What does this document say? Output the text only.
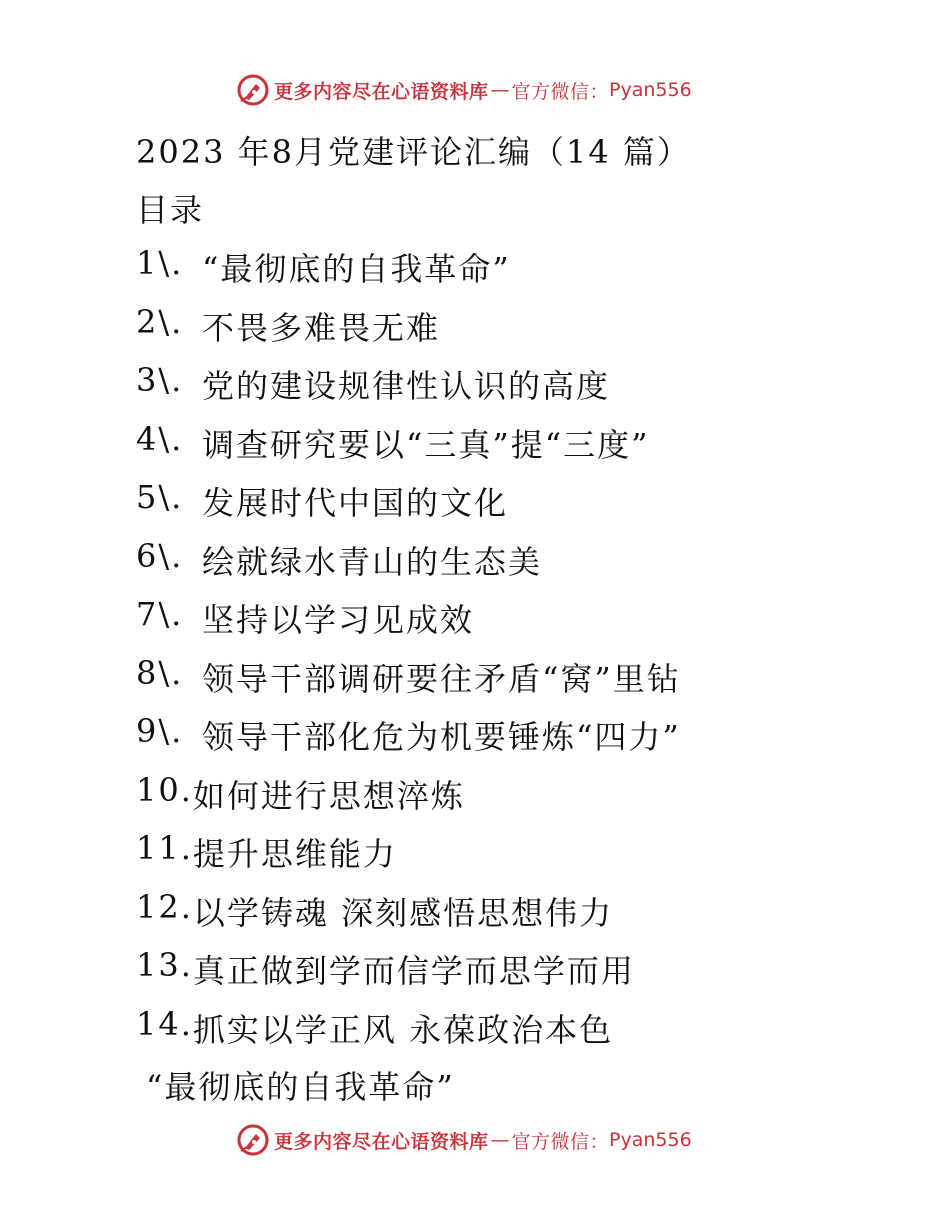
更多内容尽在心语资料库 — 官方微信： Pyan556
2023 年8月党建评论汇编（14 篇）
目录
1\. “最彻底的自我革命”
2\. 不畏多难畏无难
3\. 党的建设规律性认识的高度
4\. 调查研究要以“三真”提“三度”
5\. 发展时代中国的文化
6\. 绘就绿水青山的生态美
7\. 坚持以学习见成效
8\. 领导干部调研要往矛盾“窝”里钻
9\. 领导干部化危为机要锤炼“四力”
10. 如何进行思想淬炼
11. 提升思维能力
12. 以学铸魂 深刻感悟思想伟力
13. 真正做到学而信学而思学而用
14. 抓实以学正风 永葆政治本色
“最彻底的自我革命”
更多内容尽在心语资料库 — 官方微信： Pyan556
